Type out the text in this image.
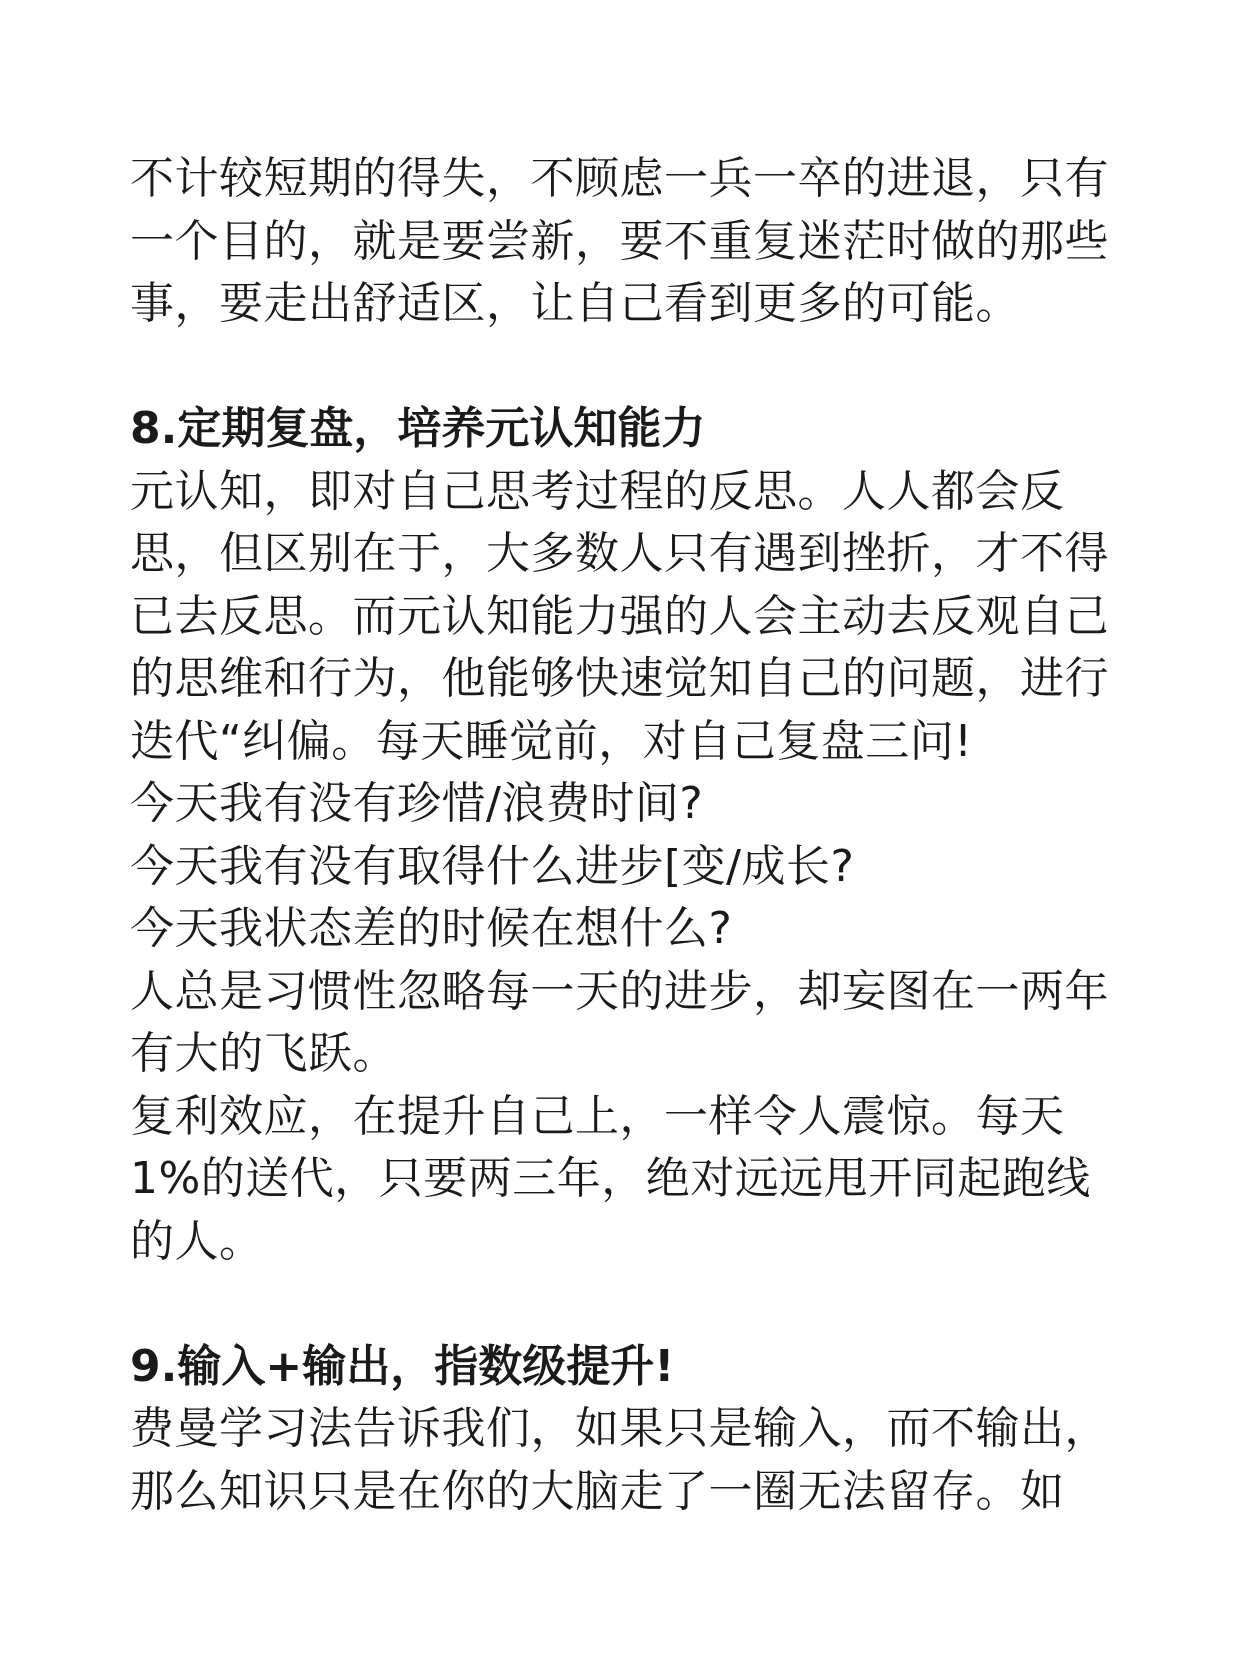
不计较短期的得失，不顾虑一兵一卒的进退，只有
一个目的，就是要尝新，要不重复迷茫时做的那些
事，要走出舒适区，让自己看到更多的可能。
8.定期复盘，培养元认知能力
元认知，即对自己思考过程的反思。人人都会反
思，但区别在于，大多数人只有遇到挫折，才不得
已去反思。而元认知能力强的人会主动去反观自己
的思维和行为，他能够快速觉知自己的问题，进行
迭代“纠偏。每天睡觉前，对自己复盘三问!
今天我有没有珍惜/浪费时间?
今天我有没有取得什么进步[变/成长?
今天我状态差的时候在想什么?
人总是习惯性忽略每一天的进步，却妄图在一两年
有大的飞跃。
复利效应，在提升自己上，一样令人震惊。每天
1%的送代，只要两三年，绝对远远甩开同起跑线
的人。
9.输入+输出，指数级提升!
费曼学习法告诉我们，如果只是输入，而不输出，
那么知识只是在你的大脑走了一圈无法留存。如
